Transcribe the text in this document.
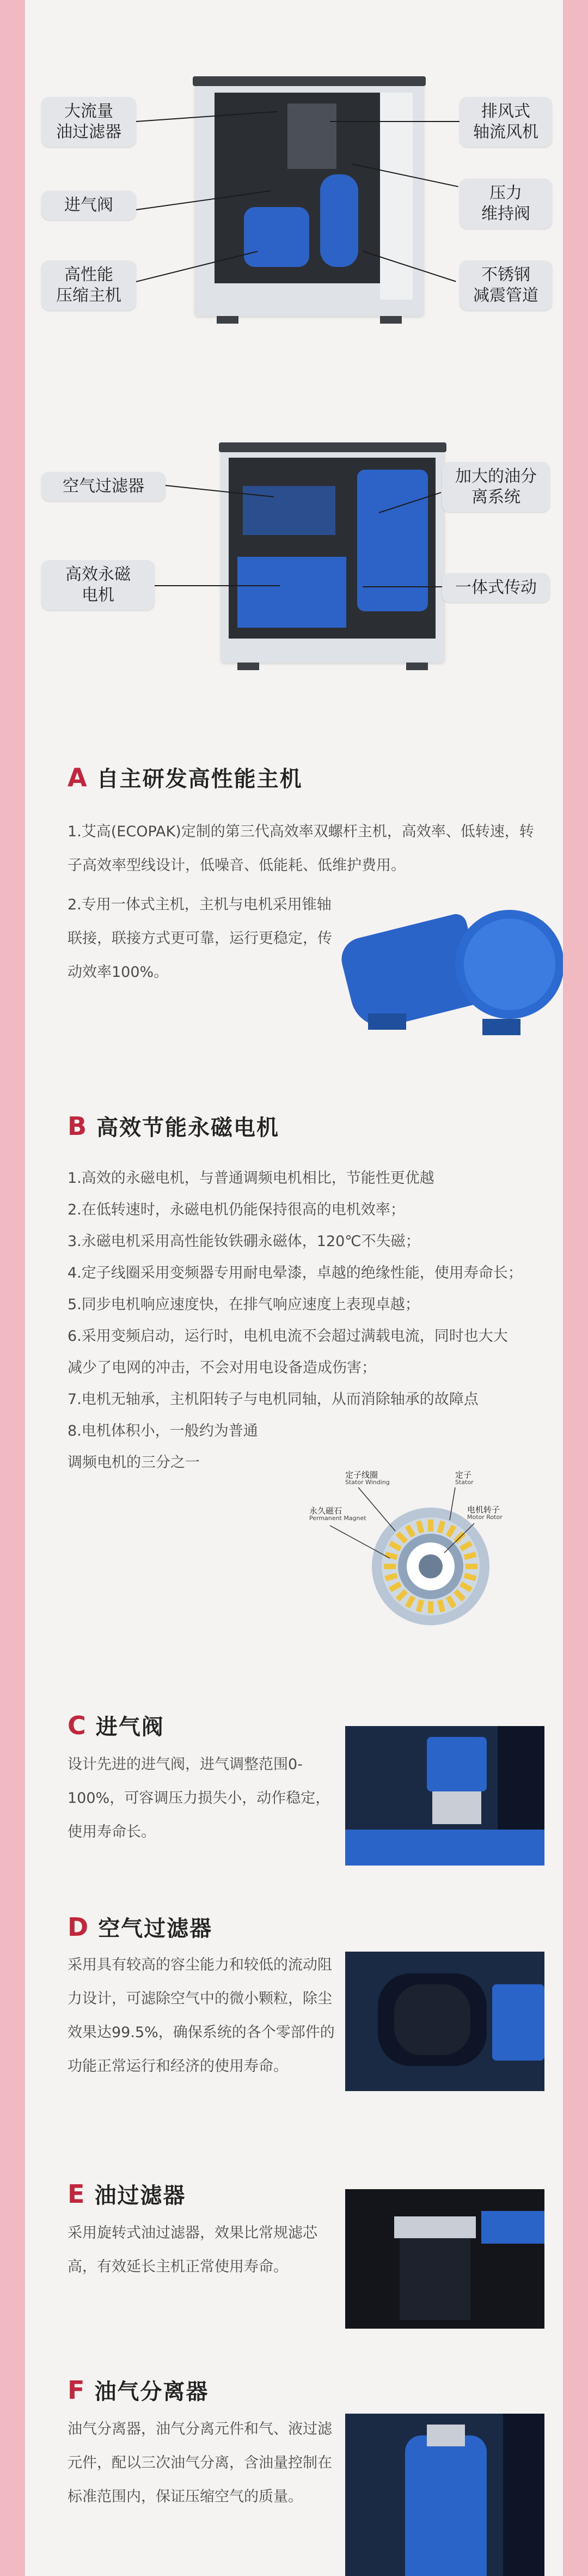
大流量
油过滤器
进气阀
高性能
压缩主机
排风式
轴流风机
压力
维持阀
不锈钢
减震管道
空气过滤器
高效永磁
电机
加大的油分
离系统
一体式传动
A 自主研发高性能主机
1.艾高(ECOPAK)定制的第三代高效率双螺杆主机，高效率、低转速，转子高效率型线设计，低噪音、低能耗、低维护费用。
2.专用一体式主机，主机与电机采用锥轴联接，联接方式更可靠，运行更稳定，传动效率100%。
B 高效节能永磁电机
1.高效的永磁电机，与普通调频电机相比，节能性更优越
2.在低转速时，永磁电机仍能保持很高的电机效率；
3.永磁电机采用高性能钕铁硼永磁体，120℃不失磁；
4.定子线圈采用变频器专用耐电晕漆，卓越的绝缘性能，使用寿命长；
5.同步电机响应速度快，在排气响应速度上表现卓越；
6.采用变频启动，运行时，电机电流不会超过满载电流，同时也大大
减少了电网的冲击，不会对用电设备造成伤害；
7.电机无轴承，主机阳转子与电机同轴，从而消除轴承的故障点
8.电机体积小，一般约为普通
调频电机的三分之一
定子线圈
Stator Winding
定子
Stator
永久磁石
Permanent Magnet
电机转子
Motor Rotor
C 进气阀
设计先进的进气阀，进气调整范围0-100%，可容调压力损失小，动作稳定，使用寿命长。
D 空气过滤器
采用具有较高的容尘能力和较低的流动阻力设计，可滤除空气中的微小颗粒，除尘效果达99.5%，确保系统的各个零部件的功能正常运行和经济的使用寿命。
E 油过滤器
采用旋转式油过滤器，效果比常规滤芯高，有效延长主机正常使用寿命。
F 油气分离器
油气分离器，油气分离元件和气、液过滤元件，配以三次油气分离，含油量控制在标准范围内，保证压缩空气的质量。
